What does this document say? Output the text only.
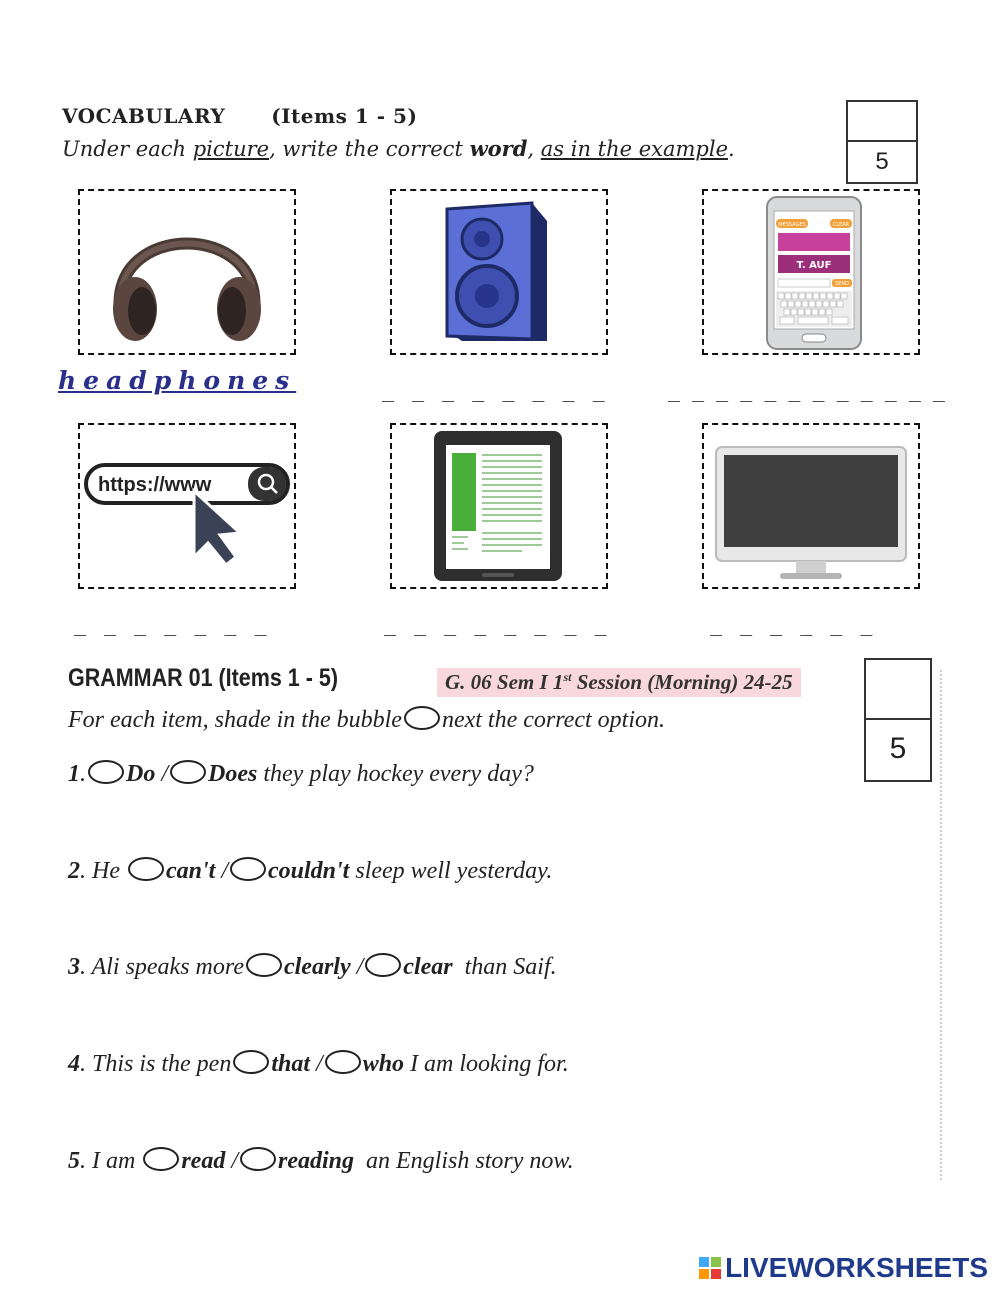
VOCABULARY (Items 1 - 5)
Under each picture, write the correct word, as in the example.	5
MESSAGES	CLEAR
T. AUF
SEND
headphones	_ _ _ _ _ _ _ _	_ _ _ _ _ _ _ _ _ _ _ _
https://www
_ _ _ _ _ _ _	_ _ _ _ _ _ _ _	_ _ _ _ _ _
GRAMMAR 01 (Items 1 - 5)	G. 06 Sem I 1st Session (Morning) 24-25
For each item, shade in the bubble next the correct option.
5
1. Do / Does they play hockey every day?
2. He can't / couldn't sleep well yesterday.
3. Ali speaks more clearly / clear  than Saif.
4. This is the pen that / who I am looking for.
5. I am read / reading  an English story now.
LIVEWORKSHEETS
